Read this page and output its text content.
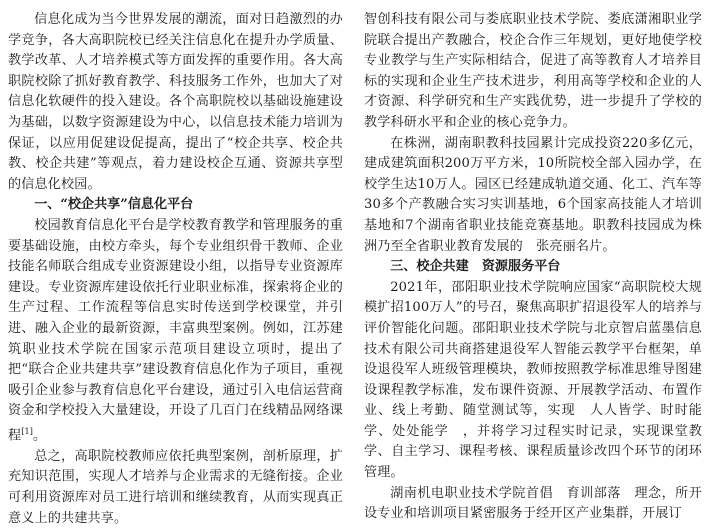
信息化成为当今世界发展的潮流，面对日趋激烈的办学竞争，各大高职院校已经关注信息化在提升办学质量、教学改革、人才培养模式等方面发挥的重要作用。各大高职院校除了抓好教育教学、科技服务工作外，也加大了对信息化软硬件的投入建设。各个高职院校以基础设施建设为基础，以数字资源建设为中心，以信息技术能力培训为保证，以应用促建设促提高，提出了“校企共享、校企共教、校企共建”等观点，着力建设校企互通、资源共享型的信息化校园。

一、“校企共享”信息化平台

校园教育信息化平台是学校教育教学和管理服务的重要基础设施，由校方牵头，每个专业组织骨干教师、企业技能名师联合组成专业资源建设小组，以指导专业资源库建设。专业资源库建设依托行业职业标准，探索将企业的生产过程、工作流程等信息实时传送到学校课堂，并引进、融入企业的最新资源，丰富典型案例。例如，江苏建筑职业技术学院在国家示范项目建设立项时，提出了把“联合企业共建共享”建设教育信息化作为子项目，重视吸引企业参与教育信息化平台建设，通过引入电信运营商资金和学校投入大量建设，开设了几百门在线精品网络课程[1]。

总之，高职院校教师应依托典型案例，剖析原理，扩充知识范围，实现人才培养与企业需求的无缝衔接。企业可利用资源库对员工进行培训和继续教育，从而实现真正意义上的共建共享。

智创科技有限公司与娄底职业技术学院、娄底潇湘职业学院联合提出产教融合，校企合作三年规划，更好地使学校专业教学与生产实际相结合，促进了高等教育人才培养目标的实现和企业生产技术进步，利用高等学校和企业的人才资源、科学研究和生产实践优势，进一步提升了学校的教学科研水平和企业的核心竞争力。

在株洲，湖南职教科技园累计完成投资220多亿元，建成建筑面积200万平方米，10所院校全部入园办学，在校学生达10万人。园区已经建成轨道交通、化工、汽车等30多个产教融合实习实训基地，6个国家高技能人才培训基地和7个湖南省职业技能竞赛基地。职教科技园成为株洲乃至全省职业教育发展的　张亮丽名片。

三、校企共建　资源服务平台

2021年，邵阳职业技术学院响应国家“高职院校大规模扩招100万人”的号召，聚焦高职扩招退役军人的培养与评价智能化问题。邵阳职业技术学院与北京智启蓝墨信息技术有限公司共商搭建退役军人智能云教学平台框架，单设退役军人班级管理模块，教师按照教学标准思维导图建设课程教学标准，发布课件资源、开展教学活动、布置作业、线上考勤、随堂测试等，实现　人人皆学、时时能学、处处能学　，并将学习过程实时记录，实现课堂教学、自主学习、课程考核、课程质量诊改四个环节的闭环管理。

湖南机电职业技术学院首倡　育训部落　理念，所开设专业和培训项目紧密服务于经开区产业集群，开展订
